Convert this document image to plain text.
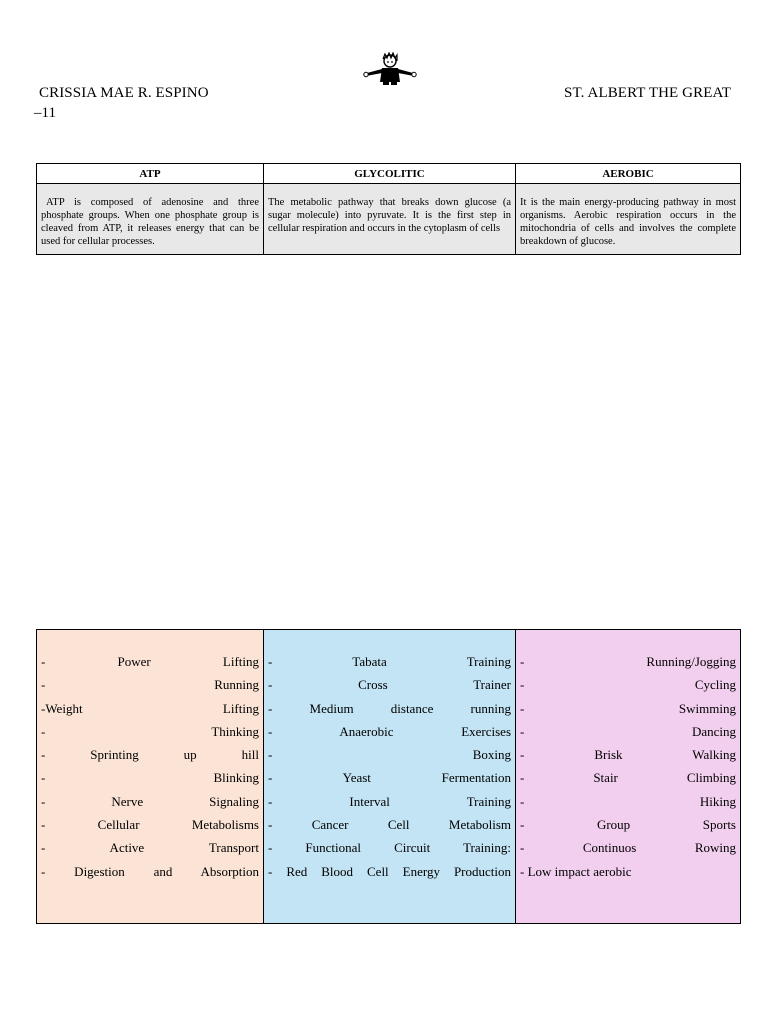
CRISSIA MAE R. ESPINO
–11
ST. ALBERT THE GREAT
ATP	GLYCOLITIC	AEROBIC
ATP is composed of adenosine and three phosphate groups. When one phosphate group is cleaved from ATP, it releases energy that can be used for cellular processes.	The metabolic pathway that breaks down glucose (a sugar molecule) into pyruvate. It is the first step in cellular respiration and occurs in the cytoplasm of cells	It is the main energy-producing pathway in most organisms. Aerobic respiration occurs in the mitochondria of cells and involves the complete breakdown of glucose.
- Power Lifting
- Running
-Weight Lifting
- Thinking
- Sprinting up hill
- Blinking
- Nerve Signaling
- Cellular Metabolisms
- Active Transport
- Digestion and Absorption

- Tabata Training
- Cross Trainer
- Medium distance running
- Anaerobic Exercises
- Boxing
- Yeast Fermentation
- Interval Training
- Cancer Cell Metabolism
- Functional Circuit Training:
- Red Blood Cell Energy Production

- Running/Jogging
- Cycling
- Swimming
- Dancing
- Brisk Walking
- Stair Climbing
- Hiking
- Group Sports
- Continuos Rowing
- Low impact aerobic
